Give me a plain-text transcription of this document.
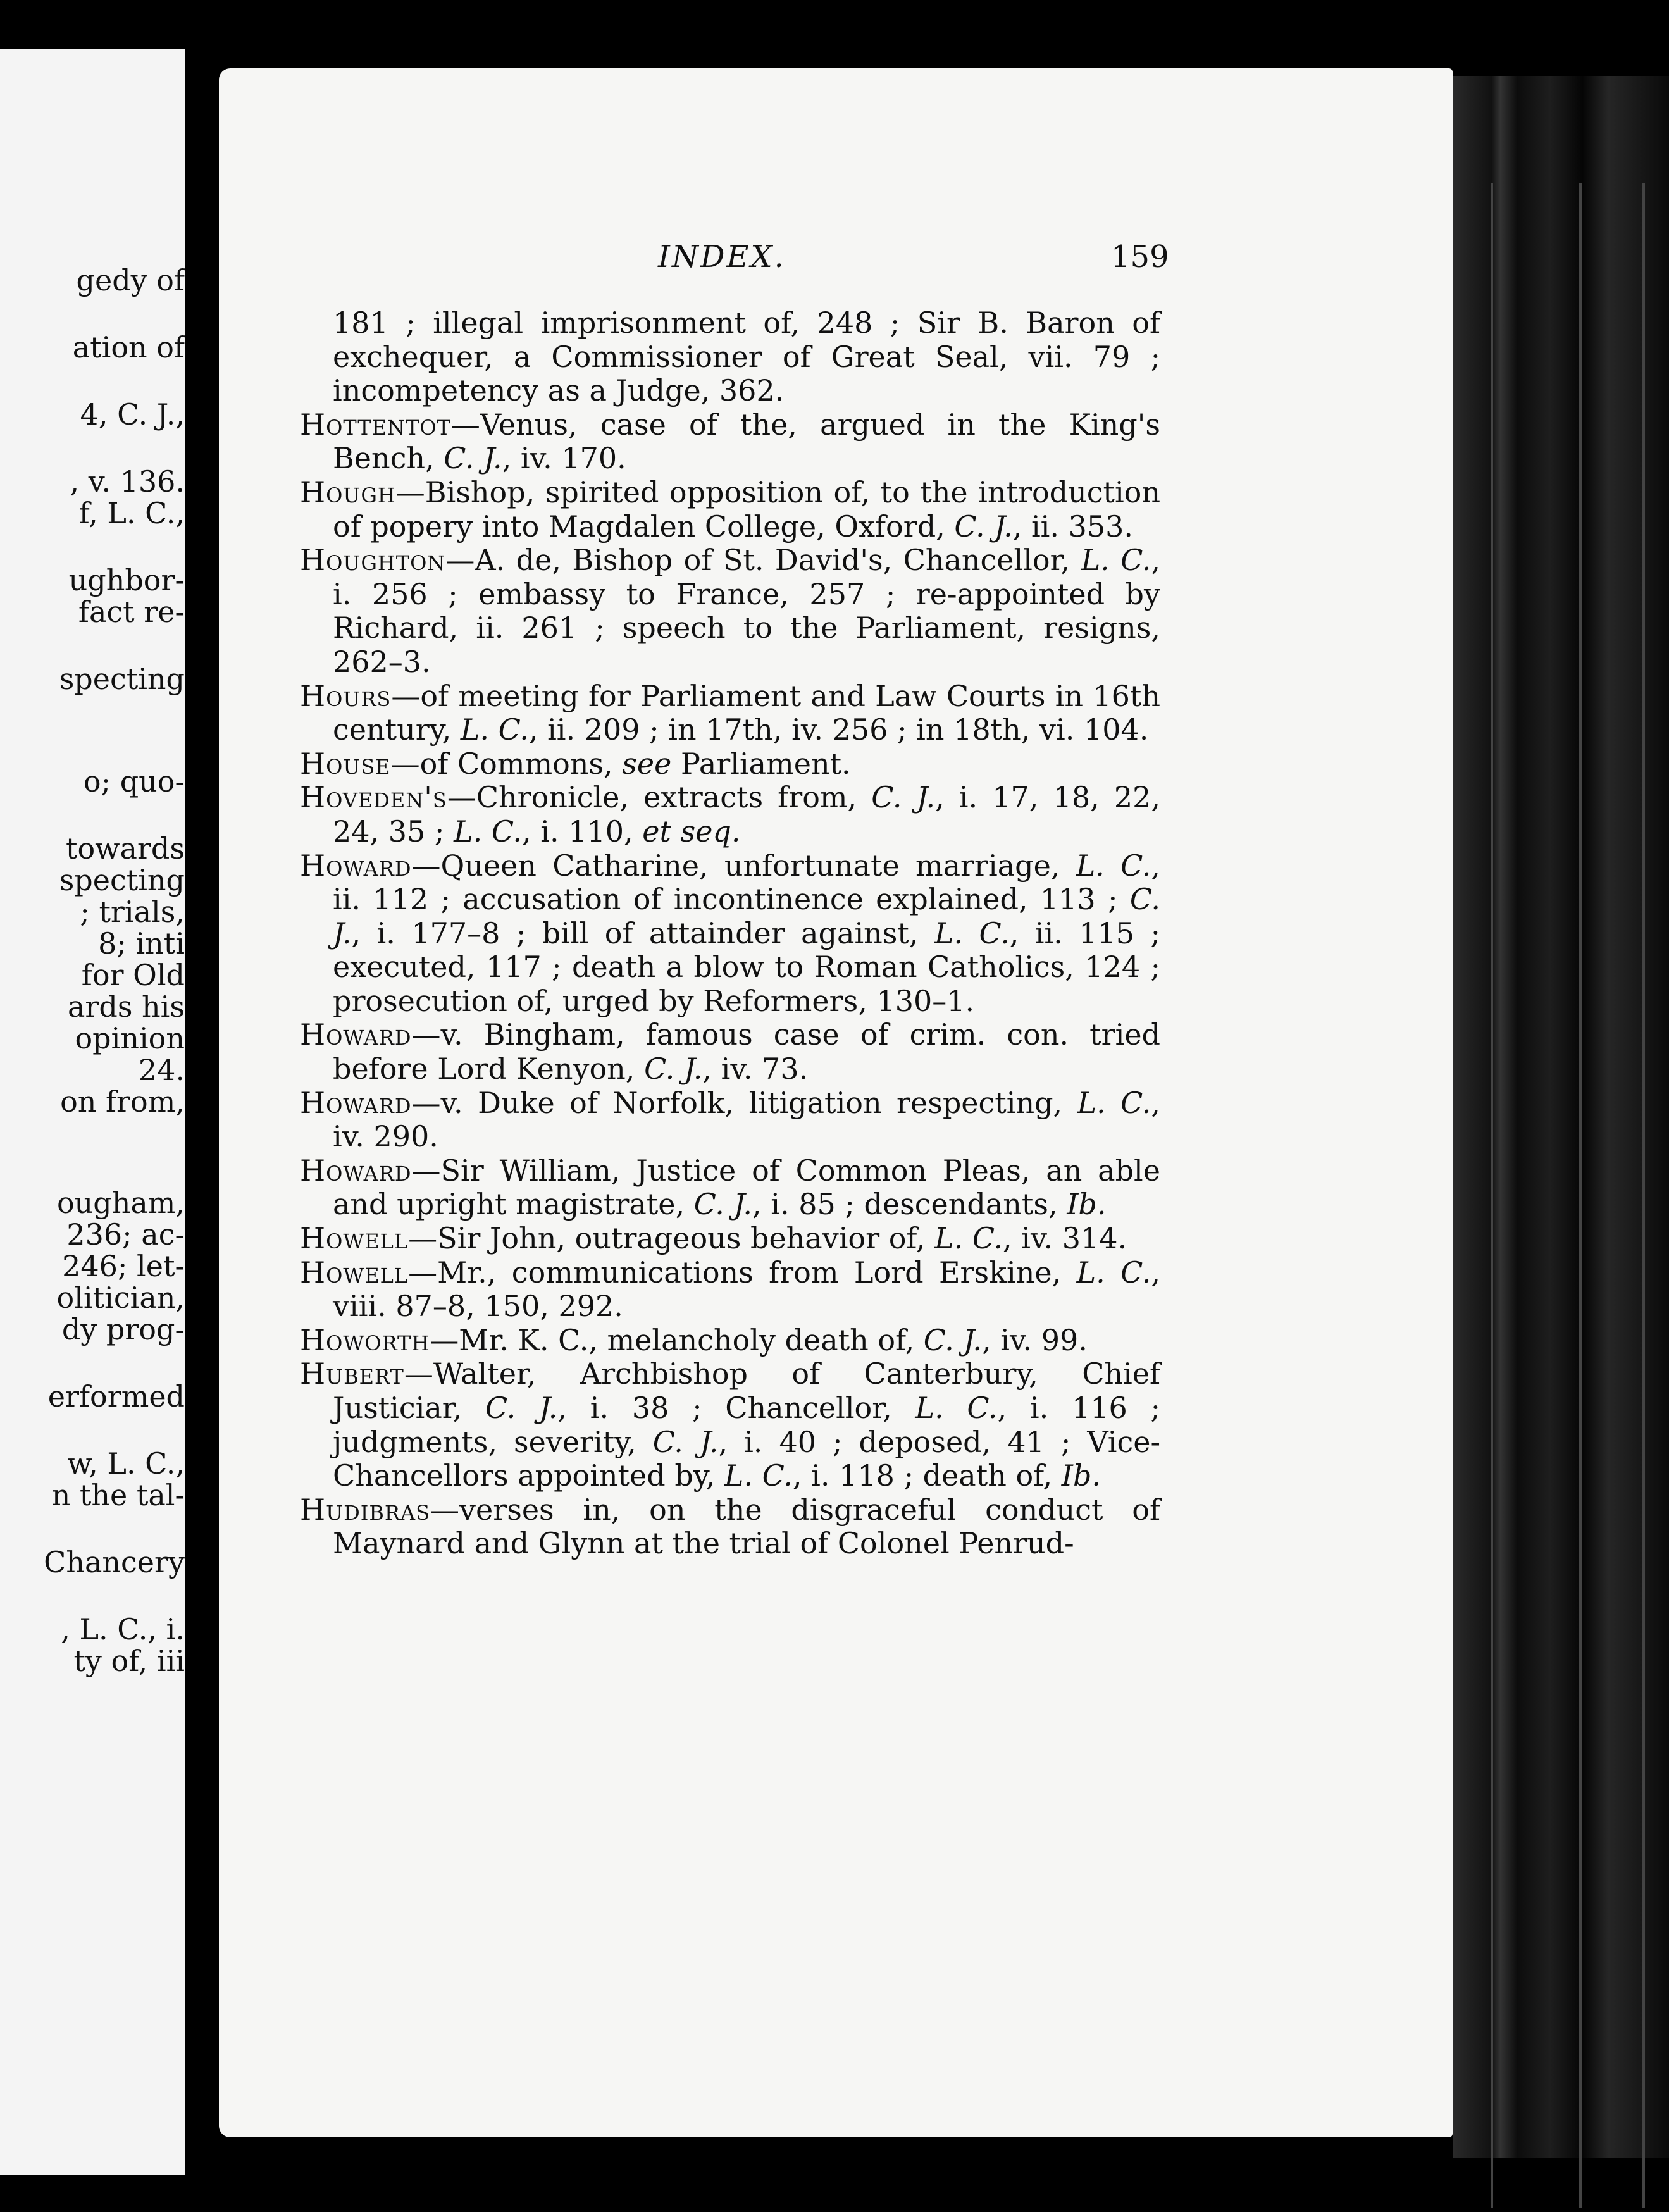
gedy of
ation of
4, C. J.,
, v. 136.
f, L. C.,
ughbor-
fact re-
specting
o; quo-
towards
specting
; trials,
8; inti
for Old
ards his
opinion
24.
on from,
ougham,
236; ac-
246; let-
olitician,
dy prog-
erformed
w, L. C.,
n the tal-
Chancery
, L. C., i.
ty of, iii
INDEX.	159

181 ; illegal imprisonment of, 248 ; Sir B. Baron of exchequer, a Commissioner of Great Seal, vii. 79 ; incompetency as a Judge, 362.

Hottentot—Venus, case of the, argued in the King's Bench, C. J., iv. 170.

Hough—Bishop, spirited opposition of, to the introduction of popery into Magdalen College, Oxford, C. J., ii. 353.

Houghton—A. de, Bishop of St. David's, Chancellor, L. C., i. 256 ; embassy to France, 257 ; re-appointed by Richard, ii. 261 ; speech to the Parliament, resigns, 262–3.

Hours—of meeting for Parliament and Law Courts in 16th century, L. C., ii. 209 ; in 17th, iv. 256 ; in 18th, vi. 104.

House—of Commons, see Parliament.

Hoveden's—Chronicle, extracts from, C. J., i. 17, 18, 22, 24, 35 ; L. C., i. 110, et seq.

Howard—Queen Catharine, unfortunate marriage, L. C., ii. 112 ; accusation of incontinence explained, 113 ; C. J., i. 177–8 ; bill of attainder against, L. C., ii. 115 ; executed, 117 ; death a blow to Roman Catholics, 124 ; prosecution of, urged by Reformers, 130–1.

Howard—v. Bingham, famous case of crim. con. tried before Lord Kenyon, C. J., iv. 73.

Howard—v. Duke of Norfolk, litigation respecting, L. C., iv. 290.

Howard—Sir William, Justice of Common Pleas, an able and upright magistrate, C. J., i. 85 ; descendants, Ib.

Howell—Sir John, outrageous behavior of, L. C., iv. 314.

Howell—Mr., communications from Lord Erskine, L. C., viii. 87–8, 150, 292.

Howorth—Mr. K. C., melancholy death of, C. J., iv. 99.

Hubert—Walter, Archbishop of Canterbury, Chief Justiciar, C. J., i. 38 ; Chancellor, L. C., i. 116 ; judgments, severity, C. J., i. 40 ; deposed, 41 ; Vice-Chancellors appointed by, L. C., i. 118 ; death of, Ib.

Hudibras—verses in, on the disgraceful conduct of Maynard and Glynn at the trial of Colonel Penrud-
